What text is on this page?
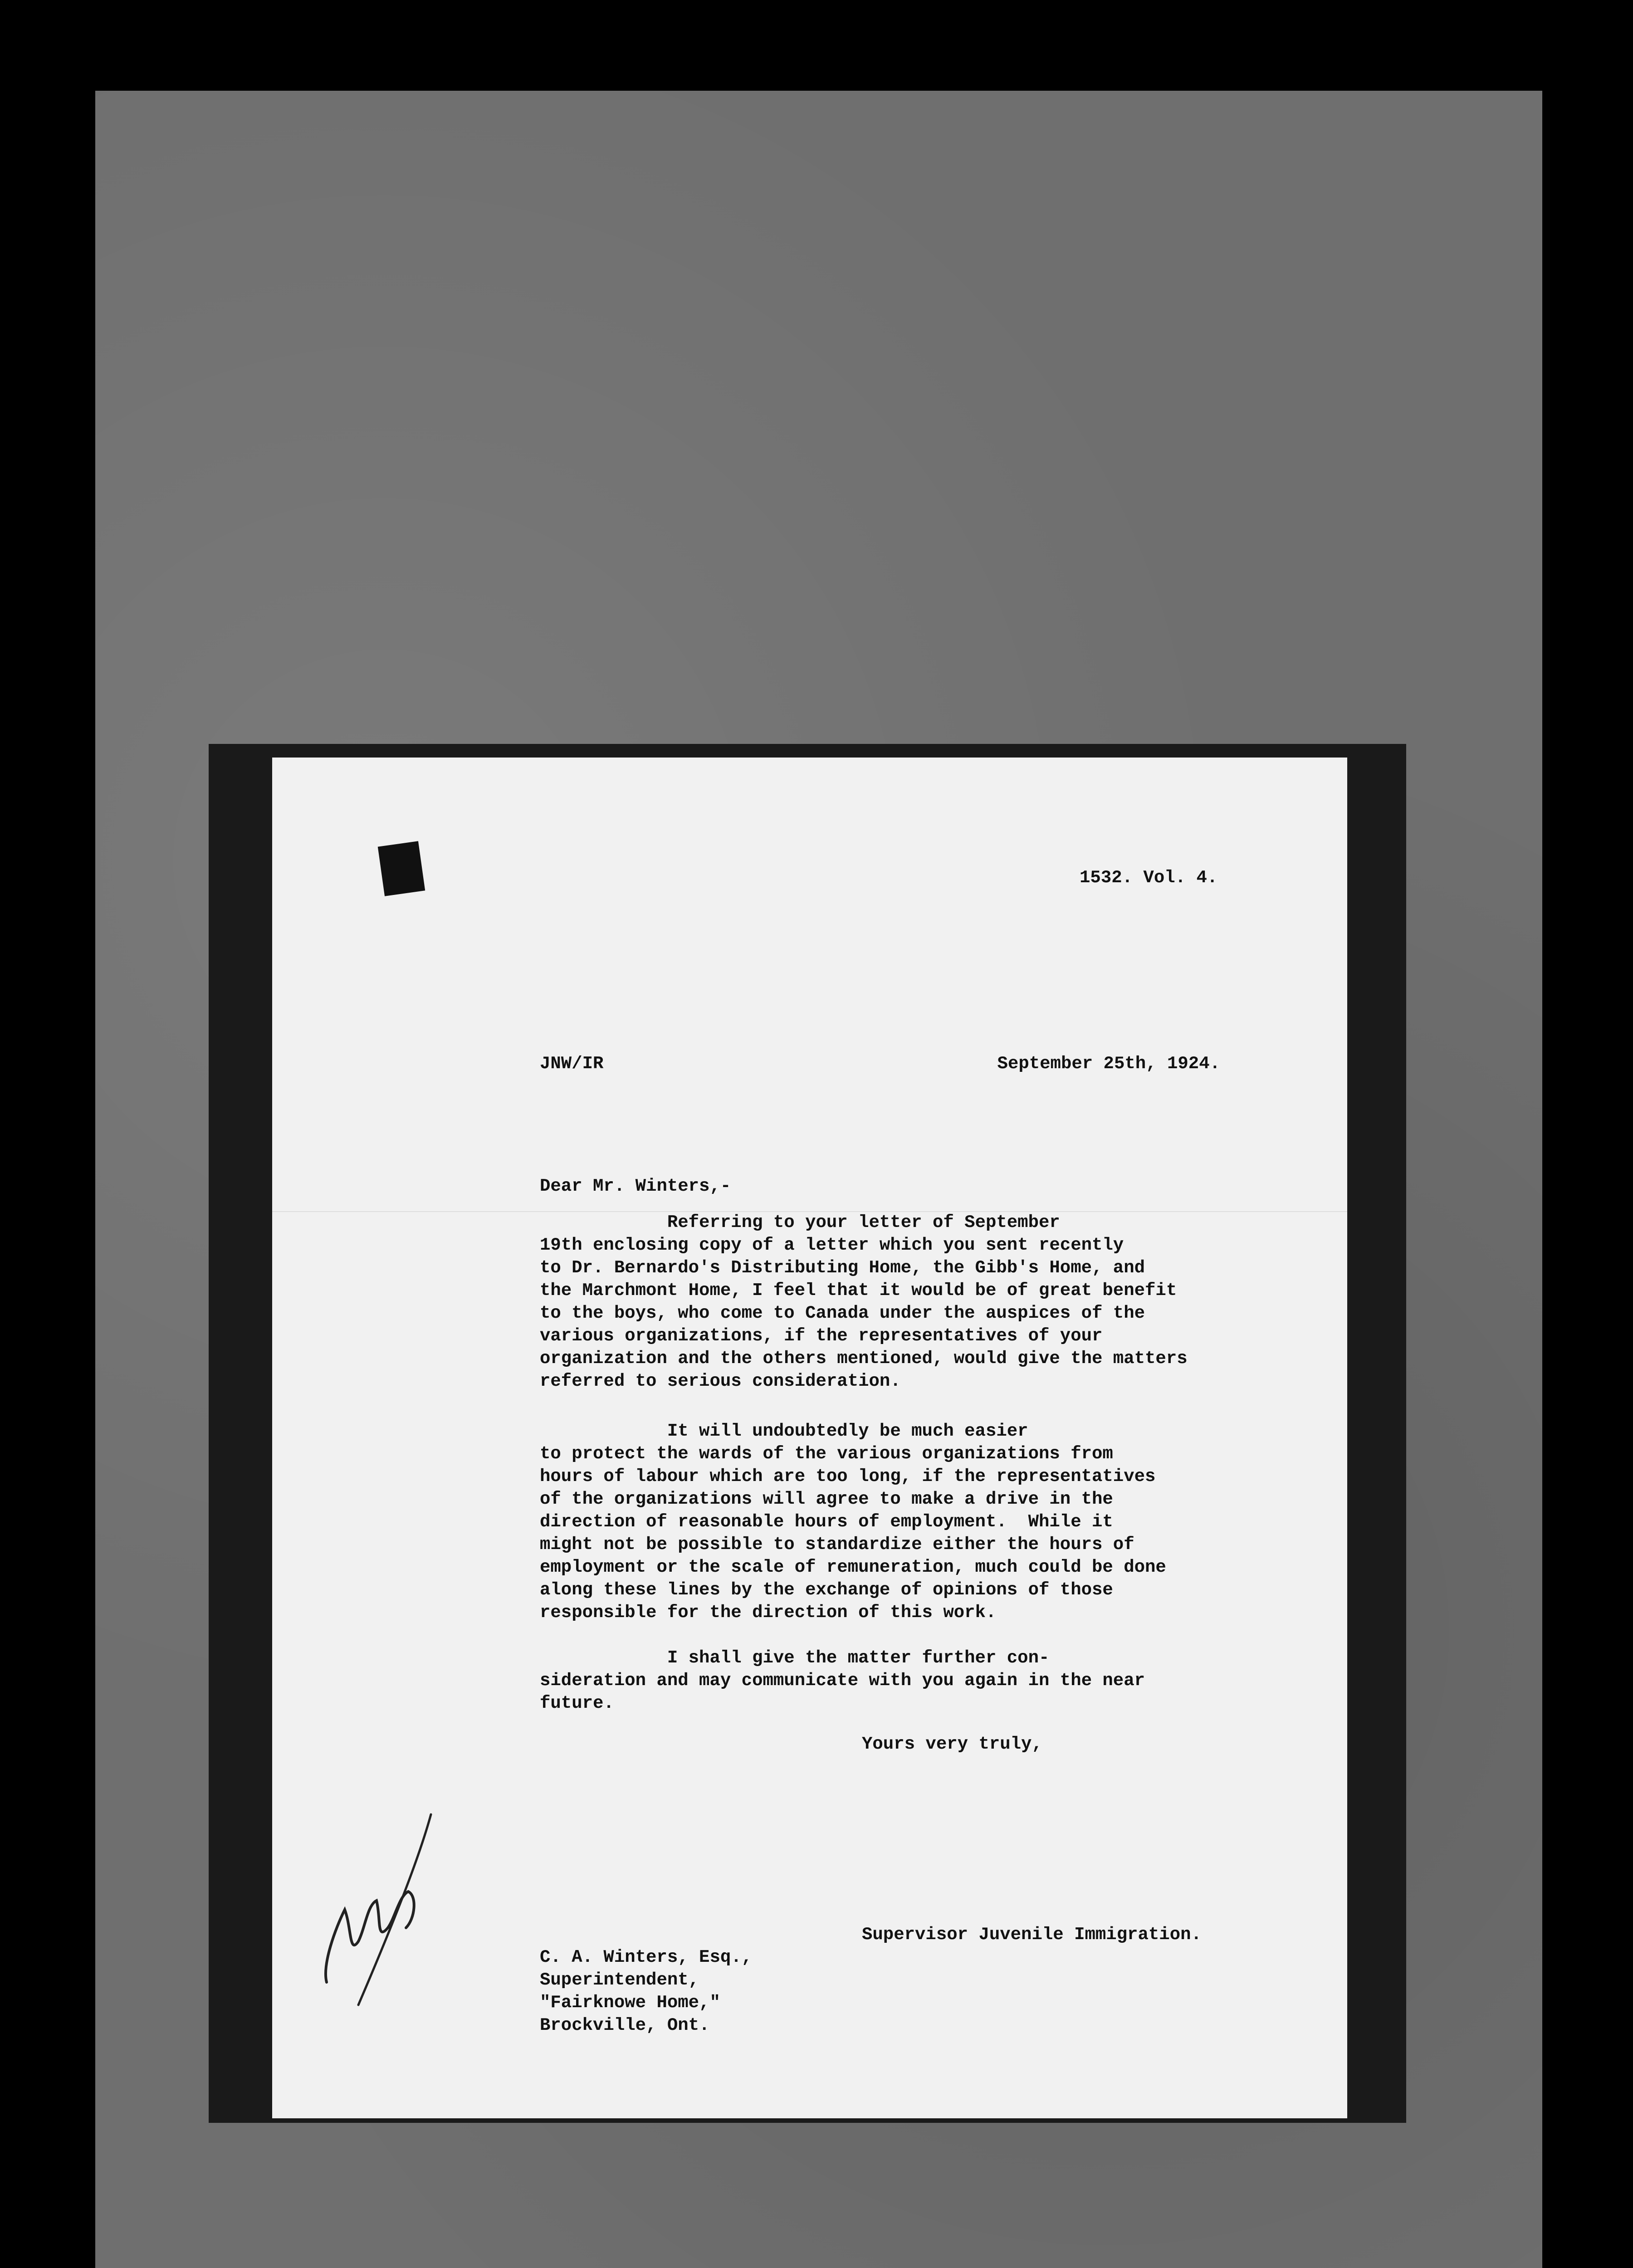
1532. Vol. 4.

JNW/IR	September 25th, 1924.

Dear Mr. Winters,-

Referring to your letter of September
19th enclosing copy of a letter which you sent recently
to Dr. Bernardo's Distributing Home, the Gibb's Home, and
the Marchmont Home, I feel that it would be of great benefit
to the boys, who come to Canada under the auspices of the
various organizations, if the representatives of your
organization and the others mentioned, would give the matters
referred to serious consideration.

It will undoubtedly be much easier
to protect the wards of the various organizations from
hours of labour which are too long, if the representatives
of the organizations will agree to make a drive in the
direction of reasonable hours of employment.  While it
might not be possible to standardize either the hours of
employment or the scale of remuneration, much could be done
along these lines by the exchange of opinions of those
responsible for the direction of this work.

I shall give the matter further con-
sideration and may communicate with you again in the near
future.

Yours very truly,

Supervisor Juvenile Immigration.

C. A. Winters, Esq.,
Superintendent,
"Fairknowe Home,"
Brockville, Ont.
